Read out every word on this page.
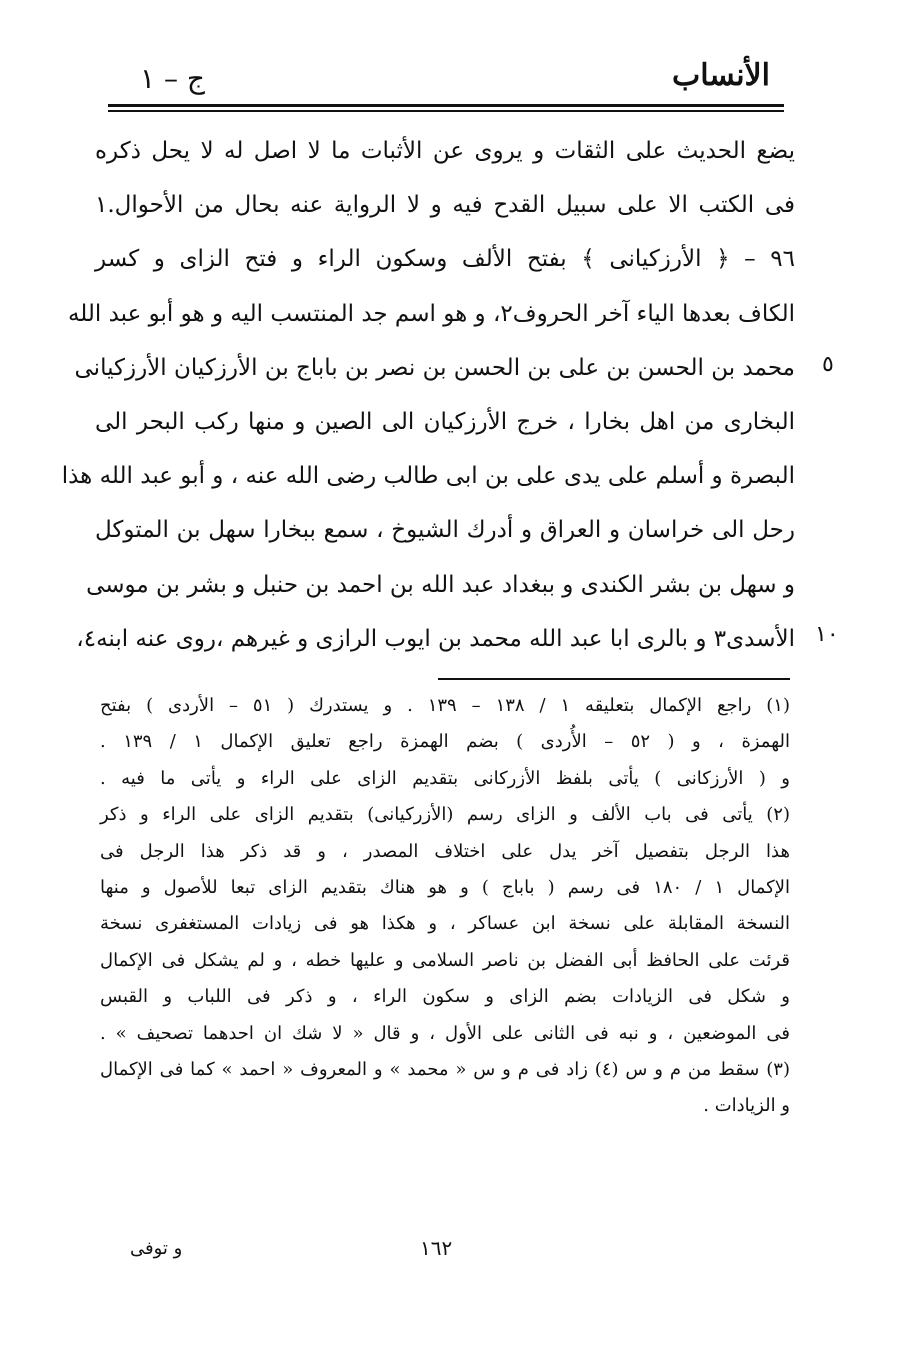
الأنساب
ج – ١
يضع الحديث على الثقات و يروى عن الأثبات ما لا اصل له لا يحل ذكره
فى الكتب الا على سبيل القدح فيه و لا الرواية عنه بحال من الأحوال.١
٩٦ – ﴿ الأرزكيانى ﴾ بفتح الألف وسكون الراء و فتح الزاى و كسر
الكاف بعدها الياء آخر الحروف٢، و هو اسم جد المنتسب اليه و هو أبو عبد الله
محمد بن الحسن بن على بن الحسن بن نصر بن باباج بن الأرزكيان الأرزكيانى
البخارى من اهل بخارا ، خرج الأرزكيان الى الصين و منها ركب البحر الى
البصرة و أسلم على يدى على بن ابى طالب رضى الله عنه ، و أبو عبد الله هذا
رحل الى خراسان و العراق و أدرك الشيوخ ، سمع ببخارا سهل بن المتوكل
و سهل بن بشر الكندى و ببغداد عبد الله بن احمد بن حنبل و بشر بن موسى
الأسدى٣ و بالرى ابا عبد الله محمد بن ايوب الرازى و غيرهم ،روى عنه ابنه٤،
٥
١٠
(١) راجع الإكمال بتعليقه ١ / ١٣٨ – ١٣٩ . و يستدرك ( ٥١ – الأردى ) بفتح
الهمزة ، و ( ٥٢ – الأُردى ) بضم الهمزة راجع تعليق الإكمال ١ / ١٣٩ .
و ( الأرزكانى ) يأتى بلفظ الأزركانى بتقديم الزاى على الراء و يأتى ما فيه .
(٢) يأتى فى باب الألف و الزاى رسم (الأزركيانى) بتقديم الزاى على الراء و ذكر
هذا الرجل بتفصيل آخر يدل على اختلاف المصدر ، و قد ذكر هذا الرجل فى
الإكمال ١ / ١٨٠ فى رسم ( باباج ) و هو هناك بتقديم الزاى تبعا للأصول و منها
النسخة المقابلة على نسخة ابن عساكر ، و هكذا هو فى زيادات المستغفرى نسخة
قرئت على الحافظ أبى الفضل بن ناصر السلامى و عليها خطه ، و لم يشكل فى الإكمال
و شكل فى الزيادات بضم الزاى و سكون الراء ، و ذكر فى اللباب و القبس
فى الموضعين ، و نبه فى الثانى على الأول ، و قال « لا شك ان احدهما تصحيف » .
(٣) سقط من م و س (٤) زاد فى م و س « محمد » و المعروف « احمد » كما فى الإكمال
و الزيادات .
١٦٢
و توفى
